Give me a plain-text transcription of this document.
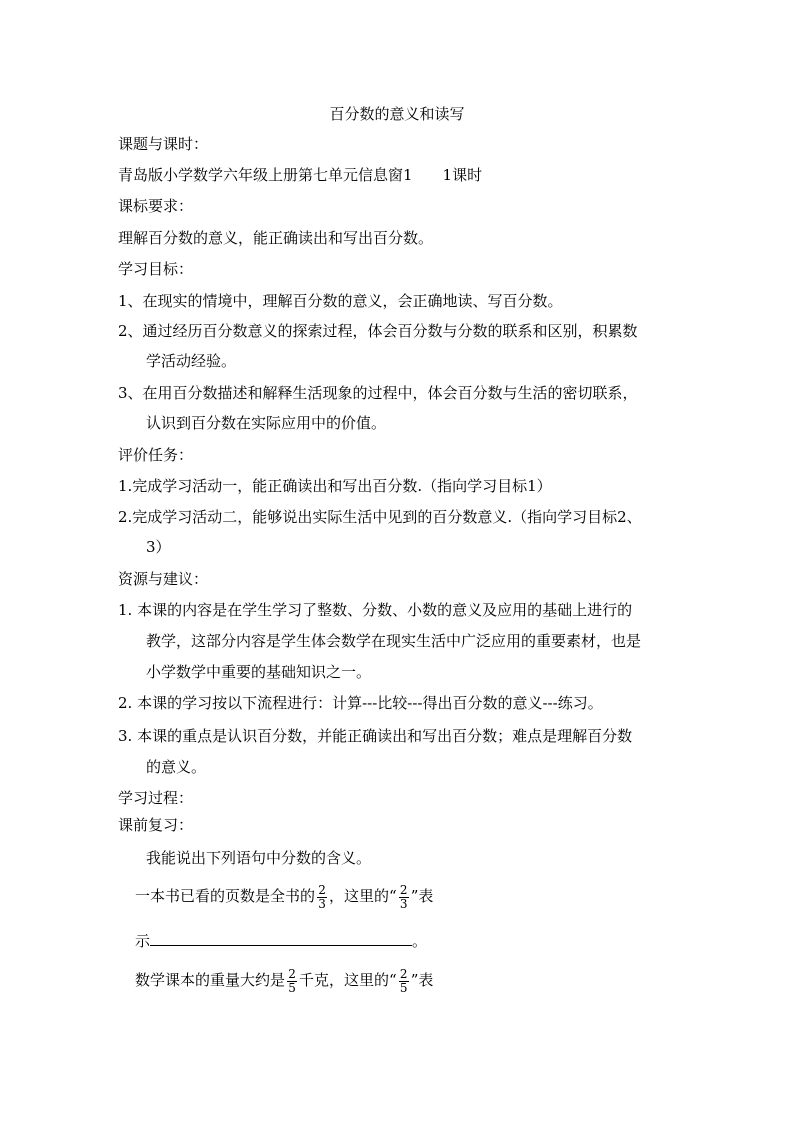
百分数的意义和读写
课题与课时：
青岛版小学数学六年级上册第七单元信息窗1 1课时
课标要求：
理解百分数的意义，能正确读出和写出百分数。
学习目标：
1、在现实的情境中，理解百分数的意义，会正确地读、写百分数。
2、通过经历百分数意义的探索过程，体会百分数与分数的联系和区别，积累数
学活动经验。
3、在用百分数描述和解释生活现象的过程中，体会百分数与生活的密切联系，
认识到百分数在实际应用中的价值。
评价任务：
1.完成学习活动一，能正确读出和写出百分数.（指向学习目标1）
2.完成学习活动二，能够说出实际生活中见到的百分数意义.（指向学习目标2、
3）
资源与建议：
1. 本课的内容是在学生学习了整数、分数、小数的意义及应用的基础上进行的
教学，这部分内容是学生体会数学在现实生活中广泛应用的重要素材，也是
小学数学中重要的基础知识之一。
2. 本课的学习按以下流程进行：计算---比较---得出百分数的意义---练习。
3. 本课的重点是认识百分数，并能正确读出和写出百分数；难点是理解百分数
的意义。
学习过程：
课前复习：
我能说出下列语句中分数的含义。
一本书已看的页数是全书的 $\frac{2}{3}$ ，这里的“ $\frac{2}{3}$ ”表
示	。
数学课本的重量大约是 $\frac{2}{5}$ 千克，这里的“ $\frac{2}{5}$ ”表
